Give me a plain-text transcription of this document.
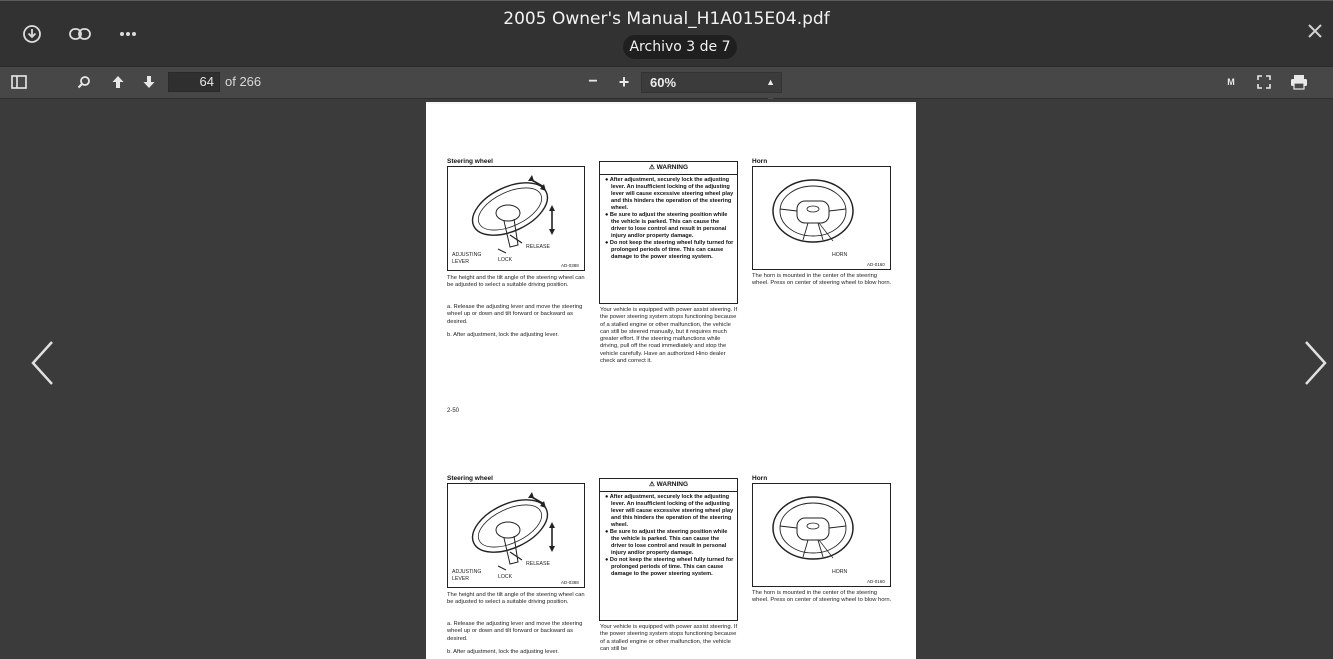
2005 Owner's Manual_H1A015E04.pdf
Archivo 3 de 7
64 of 266	−	+	60%	▲	M
Steering wheel
RELEASE
ADJUSTING
LEVER	LOCK
AD-0388
The height and the tilt angle of the steering wheel can be adjusted to select a suitable driving position.
a. Release the adjusting lever and move the steering wheel up or down and tilt forward or backward as desired.
b. After adjustment, lock the adjusting lever.
⚠ WARNING

● After adjustment, securely lock the adjusting lever. An insufficient locking of the adjusting lever will cause excessive steering wheel play and this hinders the operation of the steering wheel.

● Be sure to adjust the steering position while the vehicle is parked. This can cause the driver to lose control and result in personal injury and/or property damage.

● Do not keep the steering wheel fully turned for prolonged periods of time. This can cause damage to the power steering system.

Your vehicle is equipped with power assist steering. If the power steering system stops functioning because of a stalled engine or other malfunction, the vehicle can still be steered manually, but it requires much greater effort. If the steering malfunctions while driving, pull off the road immediately and stop the vehicle carefully. Have an authorized Hino dealer check and correct it.
Horn
HORN
AD-0160
The horn is mounted in the center of the steering wheel. Press on center of steering wheel to blow horn.
2-50
Steering wheel
RELEASE
ADJUSTING
LEVER	LOCK
AD-0388
The height and the tilt angle of the steering wheel can be adjusted to select a suitable driving position.
a. Release the adjusting lever and move the steering wheel up or down and tilt forward or backward as desired.
b. After adjustment, lock the adjusting lever.
⚠ WARNING

● After adjustment, securely lock the adjusting lever. An insufficient locking of the adjusting lever will cause excessive steering wheel play and this hinders the operation of the steering wheel.

● Be sure to adjust the steering position while the vehicle is parked. This can cause the driver to lose control and result in personal injury and/or property damage.

● Do not keep the steering wheel fully turned for prolonged periods of time. This can cause damage to the power steering system.

Your vehicle is equipped with power assist steering. If the power steering system stops functioning because of a stalled engine or other malfunction, the vehicle can still be
Horn
HORN
AD-0160
The horn is mounted in the center of the steering wheel. Press on center of steering wheel to blow horn.
